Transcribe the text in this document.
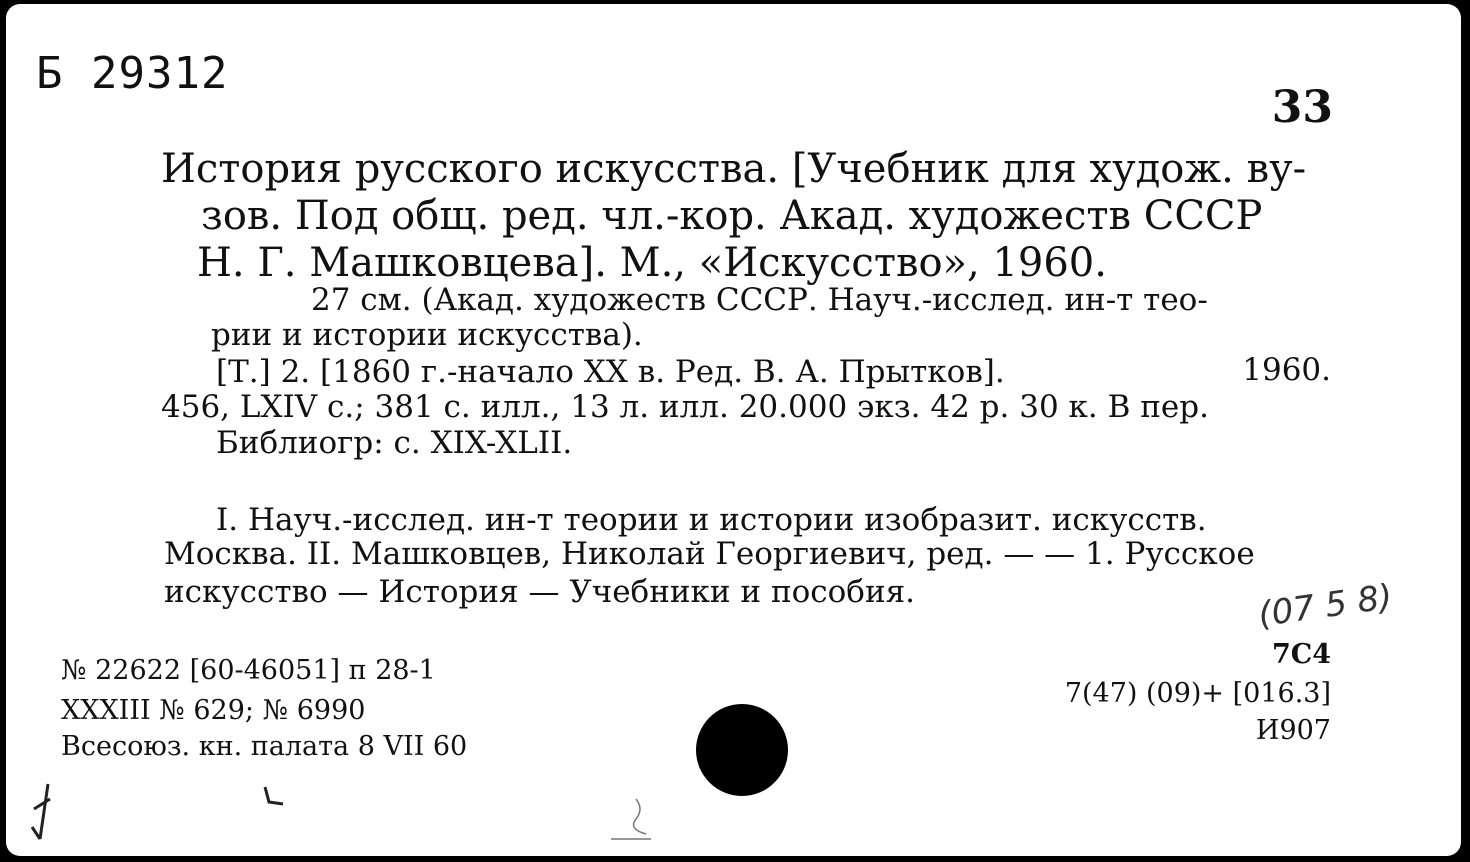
Б 29312
33
История русского искусства. [Учебник для худож. ву-
зов. Под общ. ред. чл.-кор. Акад. художеств СССР
Н. Г. Машковцева]. М., «Искусство», 1960.
27 см. (Акад. художеств СССР. Науч.-исслед. ин-т тео-
рии и истории искусства).
[Т.] 2. [1860 г.-начало XX в. Ред. В. А. Прытков].	1960.
456, LXIV с.; 381 с. илл., 13 л. илл. 20.000 экз. 42 р. 30 к. В пер.
Библиогр: с. XIX-XLII.
I. Науч.-исслед. ин-т теории и истории изобразит. искусств.
Москва. II. Машковцев, Николай Георгиевич, ред. — — 1. Русское
искусство — История — Учебники и пособия.	(07 5 8)
№ 22622 [60-46051] п 28-1
XXXIII № 629; № 6990
Всесоюз. кн. палата 8 VII 60
7С4
7(47) (09)+ [016.3]
И907
